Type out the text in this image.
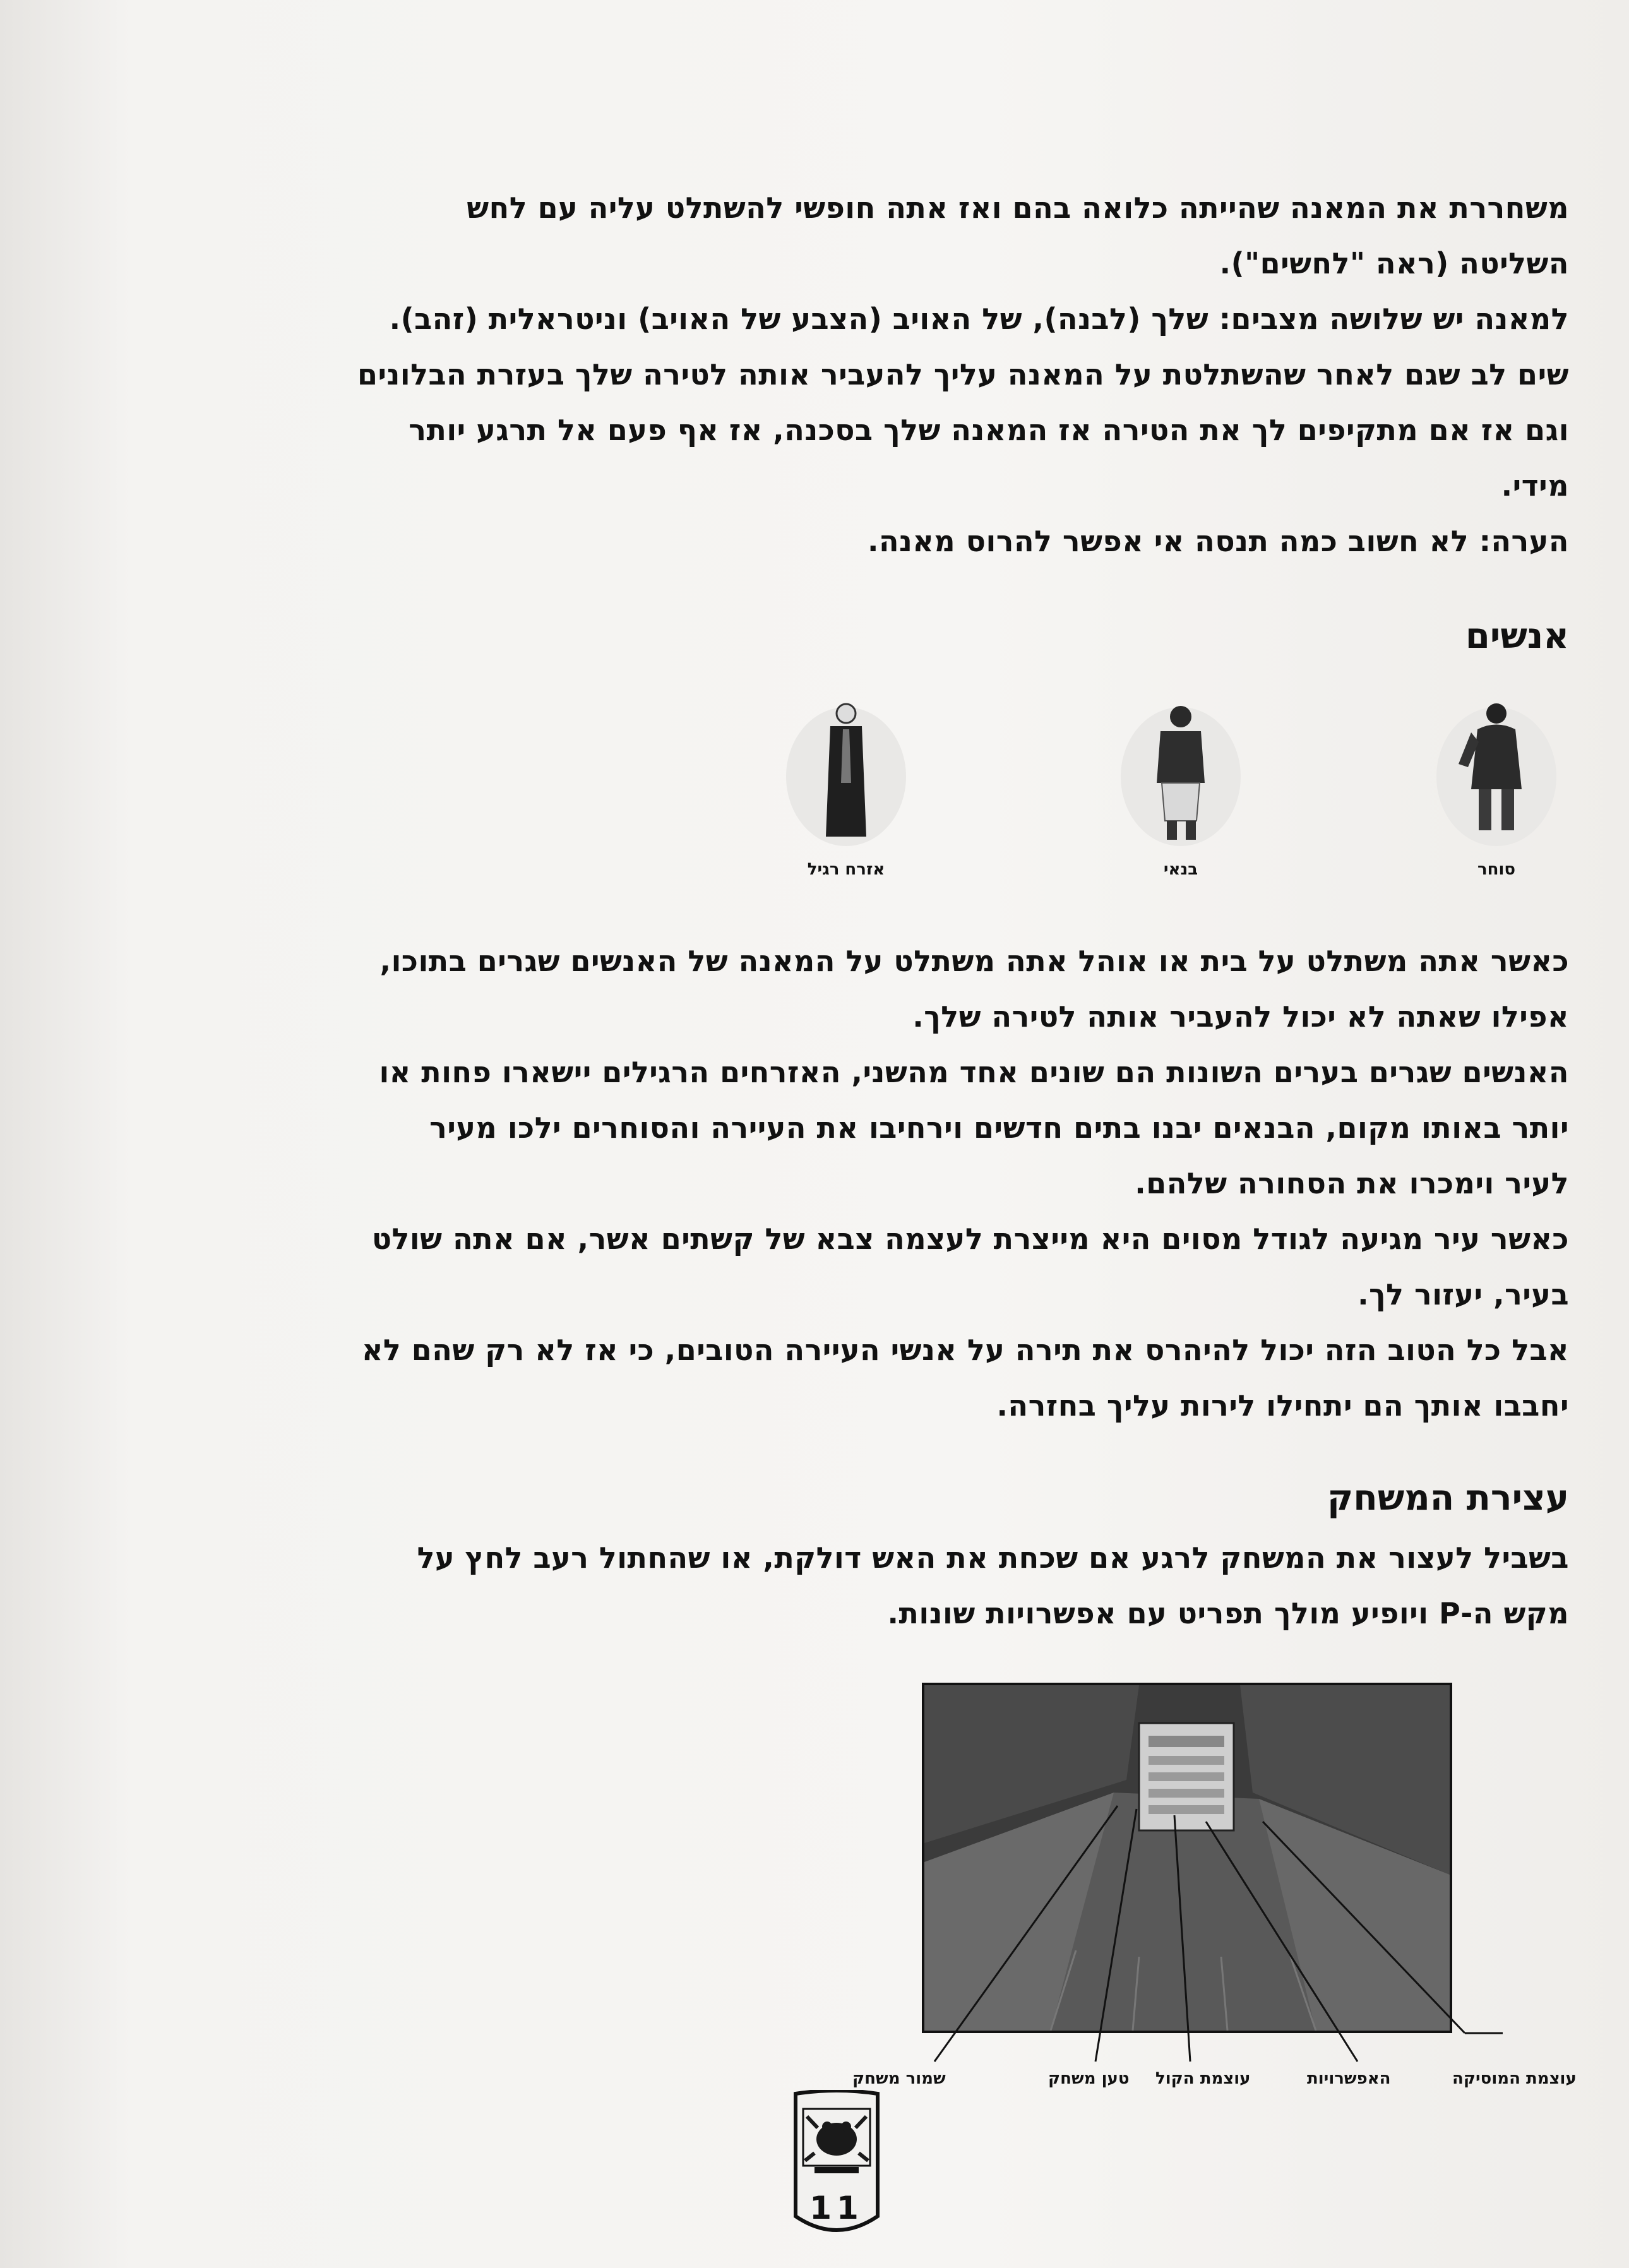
משחררת את המאנה שהייתה כלואה בהם ואז אתה חופשי להשתלט עליה עם לחש

השליטה (ראה "לחשים").

למאנה יש שלושה מצבים: שלך (לבנה), של האויב (הצבע של האויב) וניטראלית (זהב).

שים לב שגם לאחר שהשתלטת על המאנה עליך להעביר אותה לטירה שלך בעזרת הבלונים

וגם אז אם מתקיפים לך את הטירה אז המאנה שלך בסכנה, אז אף פעם אל תרגע יותר

מידי.

הערה: לא חשוב כמה תנסה אי אפשר להרוס מאנה.

אנשים

סוחר
בנאי
אזרח רגיל

כאשר אתה משתלט על בית או אוהל אתה משתלט על המאנה של האנשים שגרים בתוכו,

אפילו שאתה לא יכול להעביר אותה לטירה שלך.

האנשים שגרים בערים השונות הם שונים אחד מהשני, האזרחים הרגילים יישארו פחות או

יותר באותו מקום, הבנאים יבנו בתים חדשים וירחיבו את העיירה והסוחרים ילכו מעיר

לעיר וימכרו את הסחורה שלהם.

כאשר עיר מגיעה לגודל מסוים היא מייצרת לעצמה צבא של קשתים אשר, אם אתה שולט

בעיר, יעזור לך.

אבל כל הטוב הזה יכול להיהרס את תירה על אנשי העיירה הטובים, כי אז לא רק שהם לא

יחבבו אותך הם יתחילו לירות עליך בחזרה.

עצירת המשחק

בשביל לעצור את המשחק לרגע אם שכחת את האש דולקת, או שהחתול רעב לחץ על

מקש ה-P ויופיע מולך תפריט עם אפשרויות שונות.

עוצמת המוסיקה
האפשרויות
עוצמת הקול
טען משחק
שמור משחק
11
